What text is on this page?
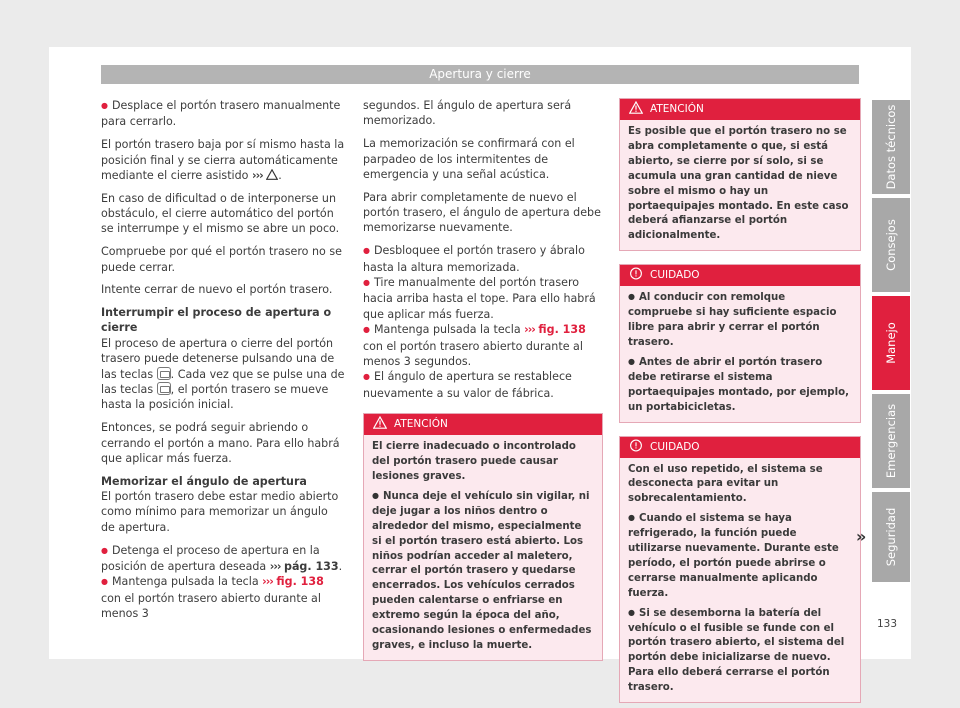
Apertura y cierre

● Desplace el portón trasero manualmente para cerrarlo.

El portón trasero baja por sí mismo hasta la posición final y se cierra automáticamente mediante el cierre asistido ››› .

En caso de dificultad o de interponerse un obstáculo, el cierre automático del portón se interrumpe y el mismo se abre un poco.

Compruebe por qué el portón trasero no se puede cerrar.

Intente cerrar de nuevo el portón trasero.

Interrumpir el proceso de apertura o cierre

El proceso de apertura o cierre del portón trasero puede detenerse pulsando una de las teclas . Cada vez que se pulse una de las teclas , el portón trasero se mueve hasta la posición inicial.

Entonces, se podrá seguir abriendo o cerrando el portón a mano. Para ello habrá que aplicar más fuerza.

Memorizar el ángulo de apertura

El portón trasero debe estar medio abierto como mínimo para memorizar un ángulo de apertura.

● Detenga el proceso de apertura en la posición de apertura deseada ››› pág. 133.

● Mantenga pulsada la tecla ››› fig. 138 con el portón trasero abierto durante al menos 3

segundos. El ángulo de apertura será memorizado.

La memorización se confirmará con el parpadeo de los intermitentes de emergencia y una señal acústica.

Para abrir completamente de nuevo el portón trasero, el ángulo de apertura debe memorizarse nuevamente.

● Desbloquee el portón trasero y ábralo hasta la altura memorizada.

● Tire manualmente del portón trasero hacia arriba hasta el tope. Para ello habrá que aplicar más fuerza.

● Mantenga pulsada la tecla ››› fig. 138 con el portón trasero abierto durante al menos 3 segundos.

● El ángulo de apertura se restablece nuevamente a su valor de fábrica.

ATENCIÓN

El cierre inadecuado o incontrolado del portón trasero puede causar lesiones graves.

● Nunca deje el vehículo sin vigilar, ni deje jugar a los niños dentro o alrededor del mismo, especialmente si el portón trasero está abierto. Los niños podrían acceder al maletero, cerrar el portón trasero y quedarse encerrados. Los vehículos cerrados pueden calentarse o enfriarse en extremo según la época del año, ocasionando lesiones o enfermedades graves, e incluso la muerte.

ATENCIÓN

Es posible que el portón trasero no se abra completamente o que, si está abierto, se cierre por sí solo, si se acumula una gran cantidad de nieve sobre el mismo o hay un portaequipajes montado. En este caso deberá afianzarse el portón adicionalmente.

CUIDADO

● Al conducir con remolque compruebe si hay suficiente espacio libre para abrir y cerrar el portón trasero.

● Antes de abrir el portón trasero debe retirarse el sistema portaequipajes montado, por ejemplo, un portabicicletas.

CUIDADO

Con el uso repetido, el sistema se desconecta para evitar un sobrecalentamiento.

● Cuando el sistema se haya refrigerado, la función puede utilizarse nuevamente. Durante este período, el portón puede abrirse o cerrarse manualmente aplicando fuerza.

● Si se desemborna la batería del vehículo o el fusible se funde con el portón trasero abierto, el sistema del portón debe inicializarse de nuevo. Para ello deberá cerrarse el portón trasero.

Datos técnicos
Consejos
Manejo
Emergencias
Seguridad
»
133
